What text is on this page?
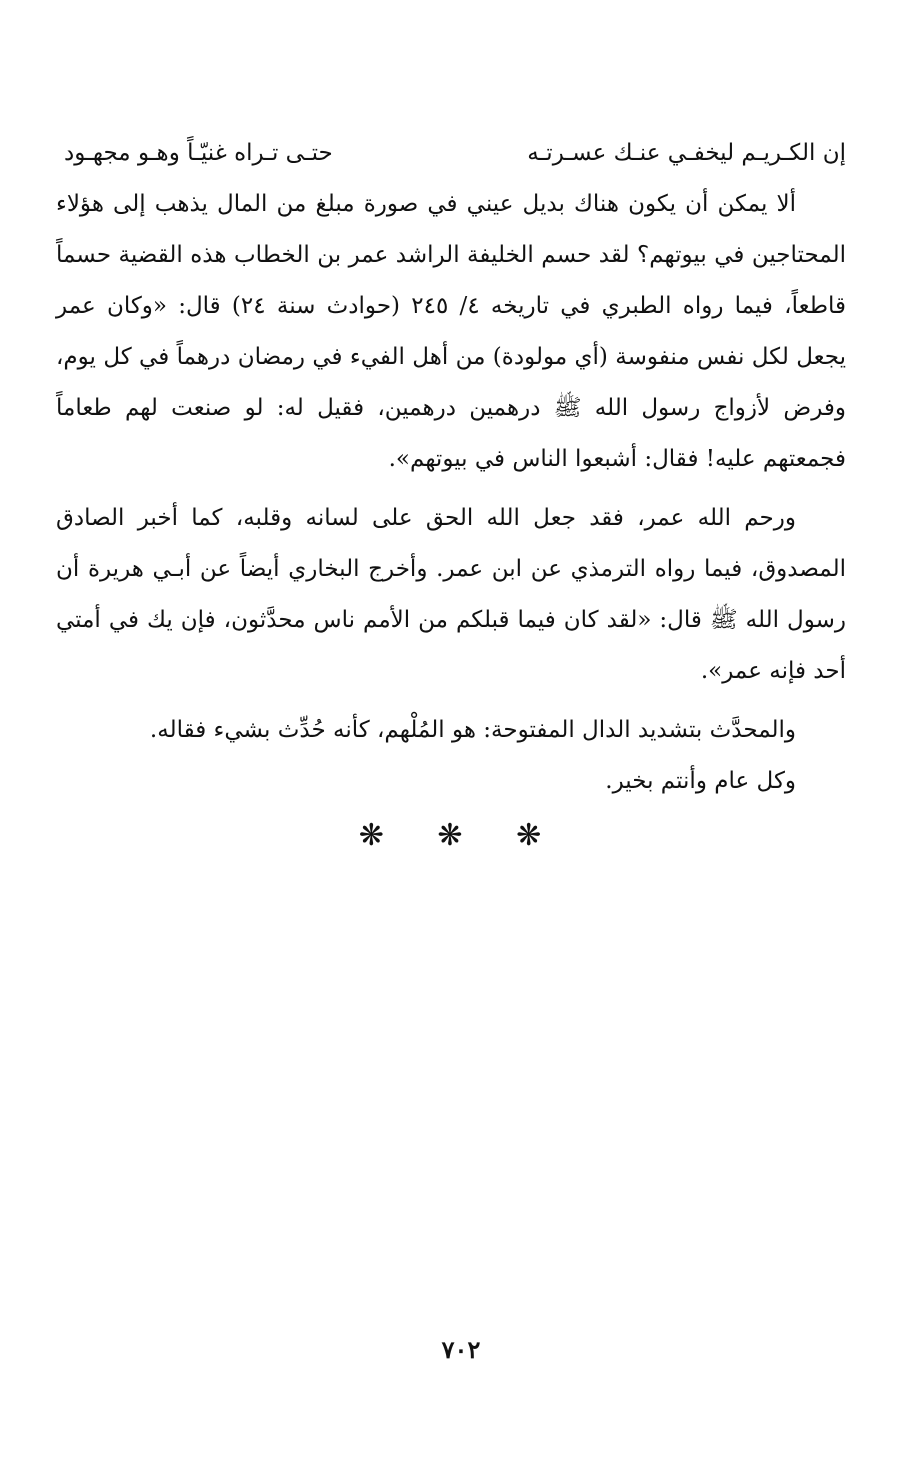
إن الكـريـم ليخفـي عنـك عسـرتـه
حتـى تـراه غنيّـاً وهـو مجهـود

ألا يمكن أن يكون هناك بديل عيني في صورة مبلغ من المال يذهب إلى هؤلاء المحتاجين في بيوتهم؟ لقد حسم الخليفة الراشد عمر بن الخطاب هذه القضية حسماً قاطعاً، فيما رواه الطبري في تاريخه ٤/ ٢٤٥ (حوادث سنة ٢٤) قال: «وكان عمر يجعل لكل نفس منفوسة (أي مولودة) من أهل الفيء في رمضان درهماً في كل يوم، وفرض لأزواج رسول الله ﷺ درهمين درهمين، فقيل له: لو صنعت لهم طعاماً فجمعتهم عليه! فقال: أشبعوا الناس في بيوتهم».

ورحم الله عمر، فقد جعل الله الحق على لسانه وقلبه، كما أخبر الصادق المصدوق، فيما رواه الترمذي عن ابن عمر. وأخرج البخاري أيضاً عن أبـي هريرة أن رسول الله ﷺ قال: «لقد كان فيما قبلكم من الأمم ناس محدَّثون، فإن يك في أمتي أحد فإنه عمر».

والمحدَّث بتشديد الدال المفتوحة: هو المُلْهم، كأنه حُدِّث بشيء فقاله.

وكل عام وأنتم بخير.

❋ ❋ ❋
٧٠٢
